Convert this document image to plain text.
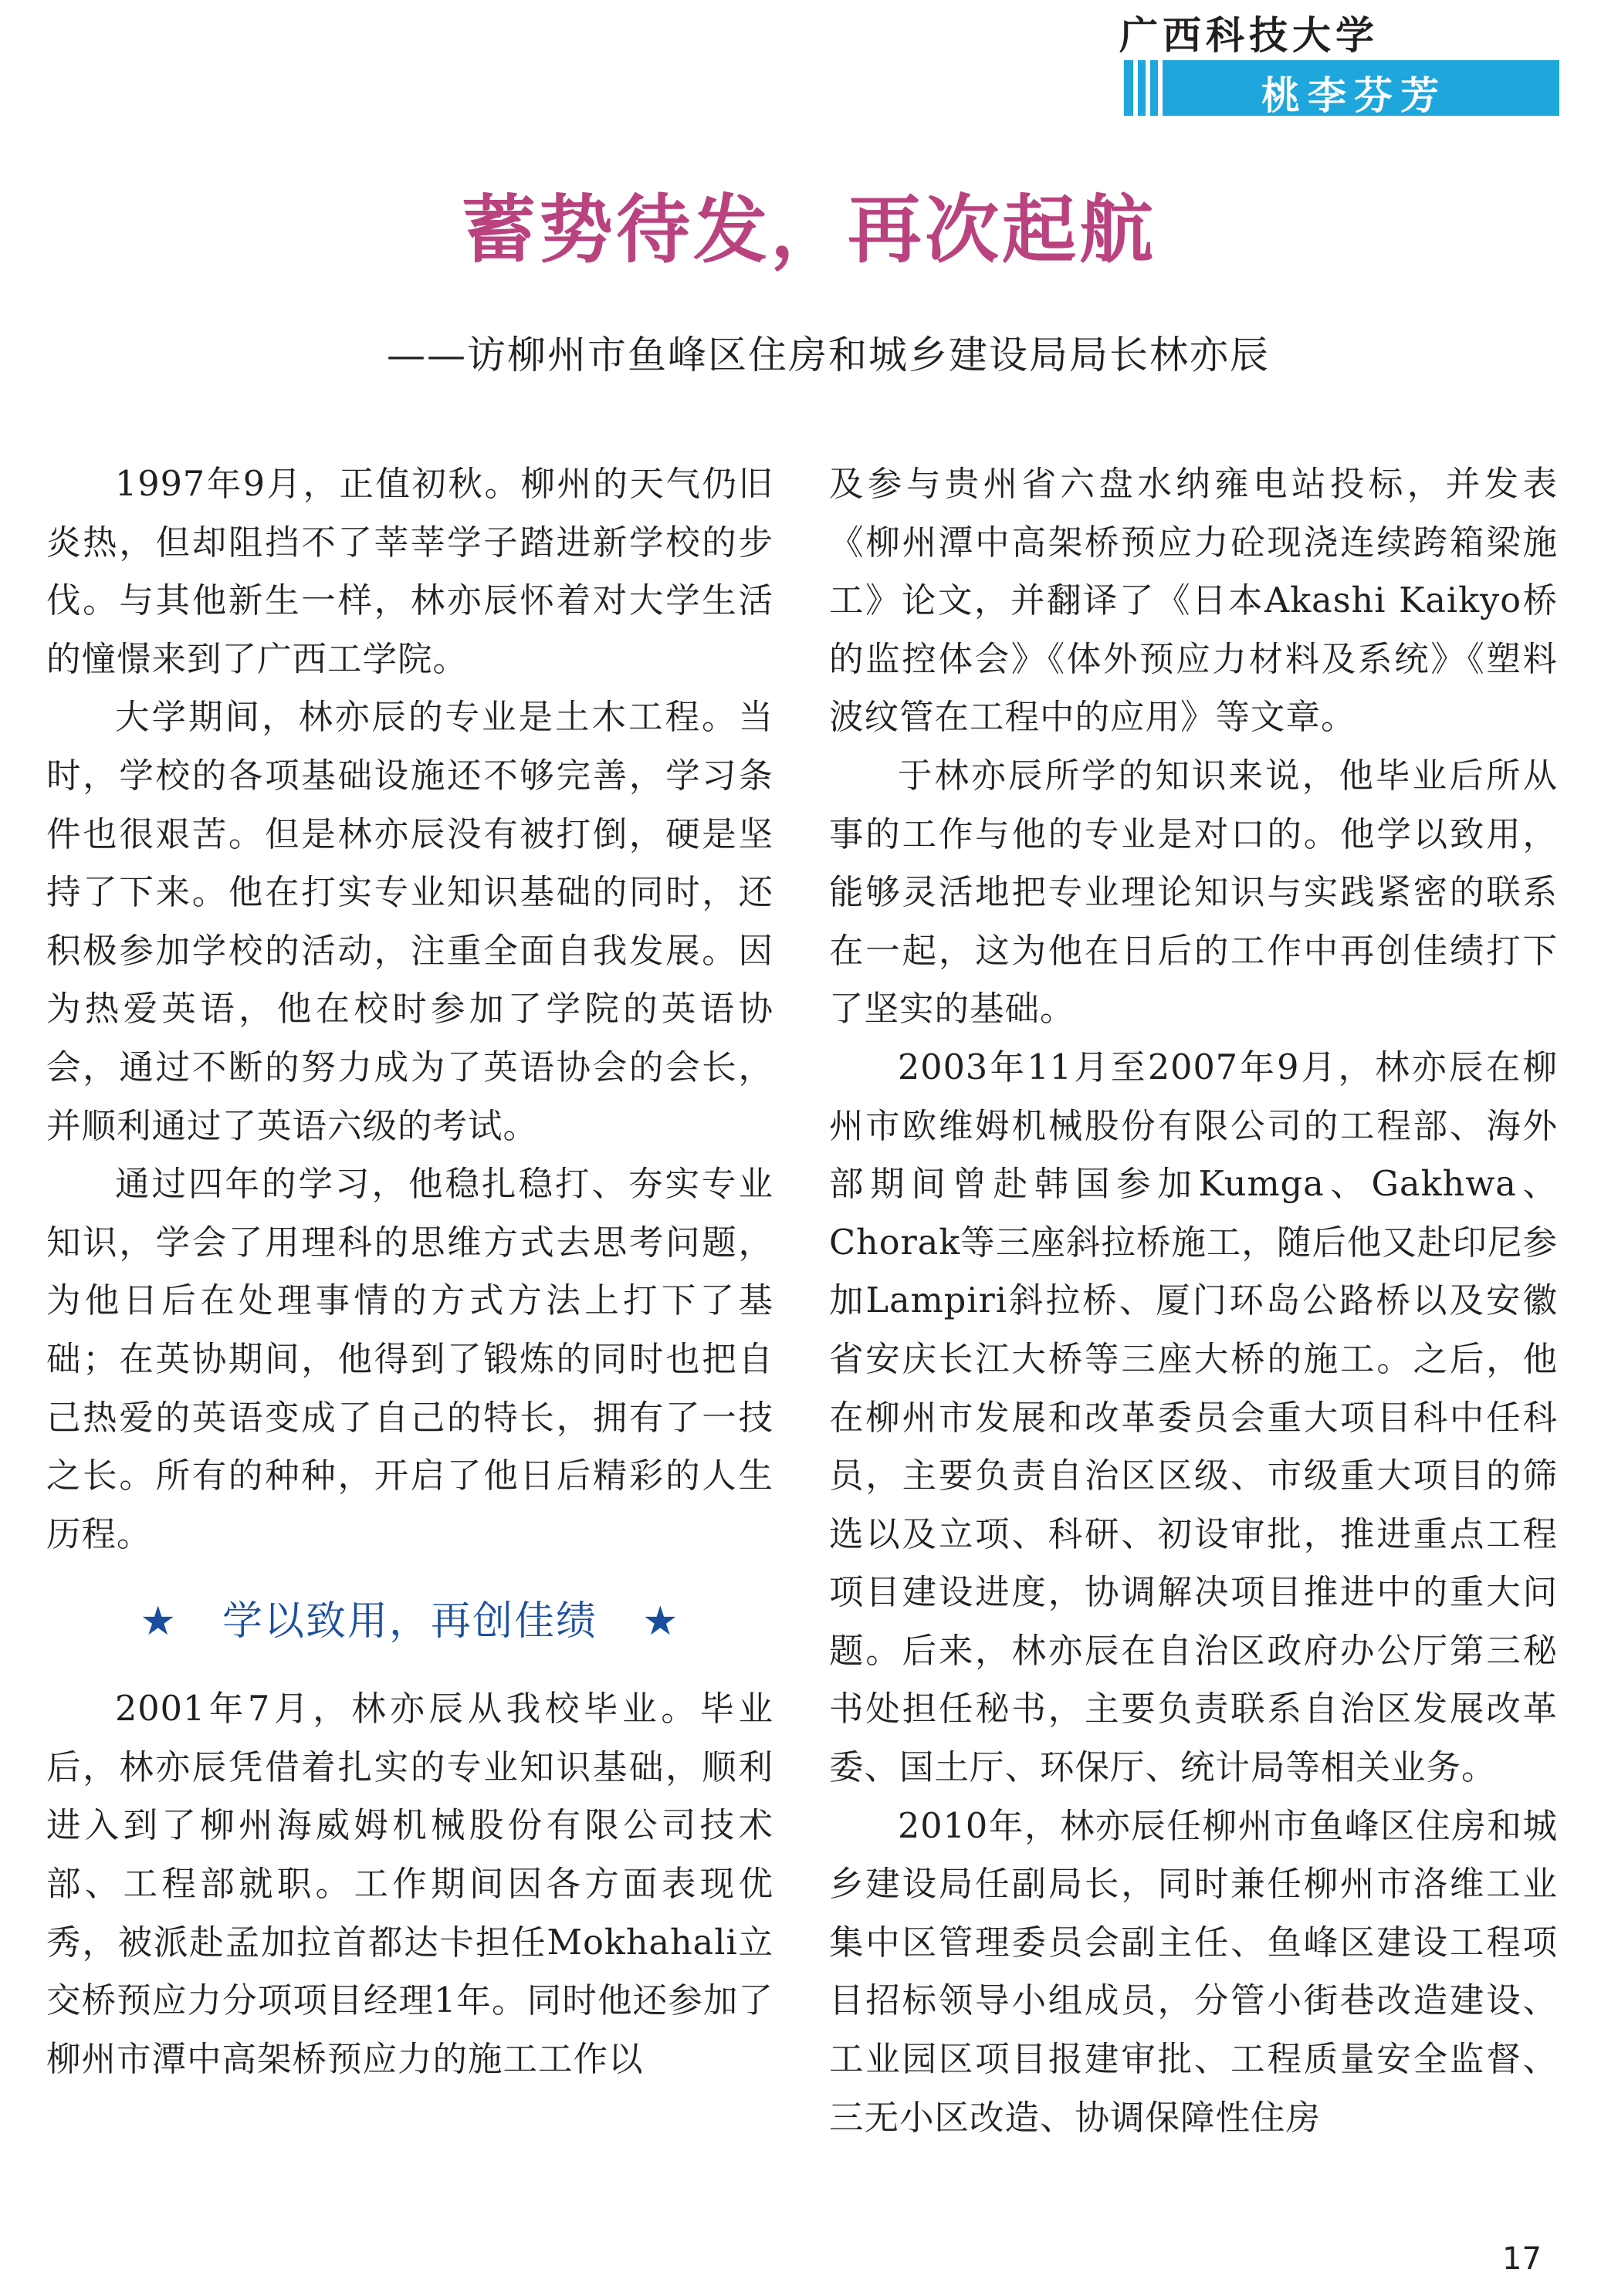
广西科技大学
桃李芬芳
蓄势待发，再次起航
——访柳州市鱼峰区住房和城乡建设局局长林亦辰

1997年9月，正值初秋。柳州的天气仍旧炎热，但却阻挡不了莘莘学子踏进新学校的步伐。与其他新生一样，林亦辰怀着对大学生活的憧憬来到了广西工学院。

大学期间，林亦辰的专业是土木工程。当时，学校的各项基础设施还不够完善，学习条件也很艰苦。但是林亦辰没有被打倒，硬是坚持了下来。他在打实专业知识基础的同时，还积极参加学校的活动，注重全面自我发展。因为热爱英语，他在校时参加了学院的英语协会，通过不断的努力成为了英语协会的会长，并顺利通过了英语六级的考试。

通过四年的学习，他稳扎稳打、夯实专业知识，学会了用理科的思维方式去思考问题，为他日后在处理事情的方式方法上打下了基础；在英协期间，他得到了锻炼的同时也把自己热爱的英语变成了自己的特长，拥有了一技之长。所有的种种，开启了他日后精彩的人生历程。

★ 学以致用，再创佳绩 ★

2001年7月，林亦辰从我校毕业。毕业后，林亦辰凭借着扎实的专业知识基础，顺利进入到了柳州海威姆机械股份有限公司技术部、工程部就职。工作期间因各方面表现优秀，被派赴孟加拉首都达卡担任Mokhahali立交桥预应力分项项目经理1年。同时他还参加了柳州市潭中高架桥预应力的施工工作以

及参与贵州省六盘水纳雍电站投标，并发表《柳州潭中高架桥预应力砼现浇连续跨箱梁施工》论文，并翻译了《日本Akashi Kaikyo桥的监控体会》《体外预应力材料及系统》《塑料波纹管在工程中的应用》等文章。

于林亦辰所学的知识来说，他毕业后所从事的工作与他的专业是对口的。他学以致用，能够灵活地把专业理论知识与实践紧密的联系在一起，这为他在日后的工作中再创佳绩打下了坚实的基础。

2003年11月至2007年9月，林亦辰在柳州市欧维姆机械股份有限公司的工程部、海外部期间曾赴韩国参加Kumga、Gakhwa、Chorak等三座斜拉桥施工，随后他又赴印尼参加Lampiri斜拉桥、厦门环岛公路桥以及安徽省安庆长江大桥等三座大桥的施工。之后，他在柳州市发展和改革委员会重大项目科中任科员，主要负责自治区区级、市级重大项目的筛选以及立项、科研、初设审批，推进重点工程项目建设进度，协调解决项目推进中的重大问题。后来，林亦辰在自治区政府办公厅第三秘书处担任秘书，主要负责联系自治区发展改革委、国土厅、环保厅、统计局等相关业务。

2010年，林亦辰任柳州市鱼峰区住房和城乡建设局任副局长，同时兼任柳州市洛维工业集中区管理委员会副主任、鱼峰区建设工程项目招标领导小组成员，分管小街巷改造建设、工业园区项目报建审批、工程质量安全监督、三无小区改造、协调保障性住房

17
